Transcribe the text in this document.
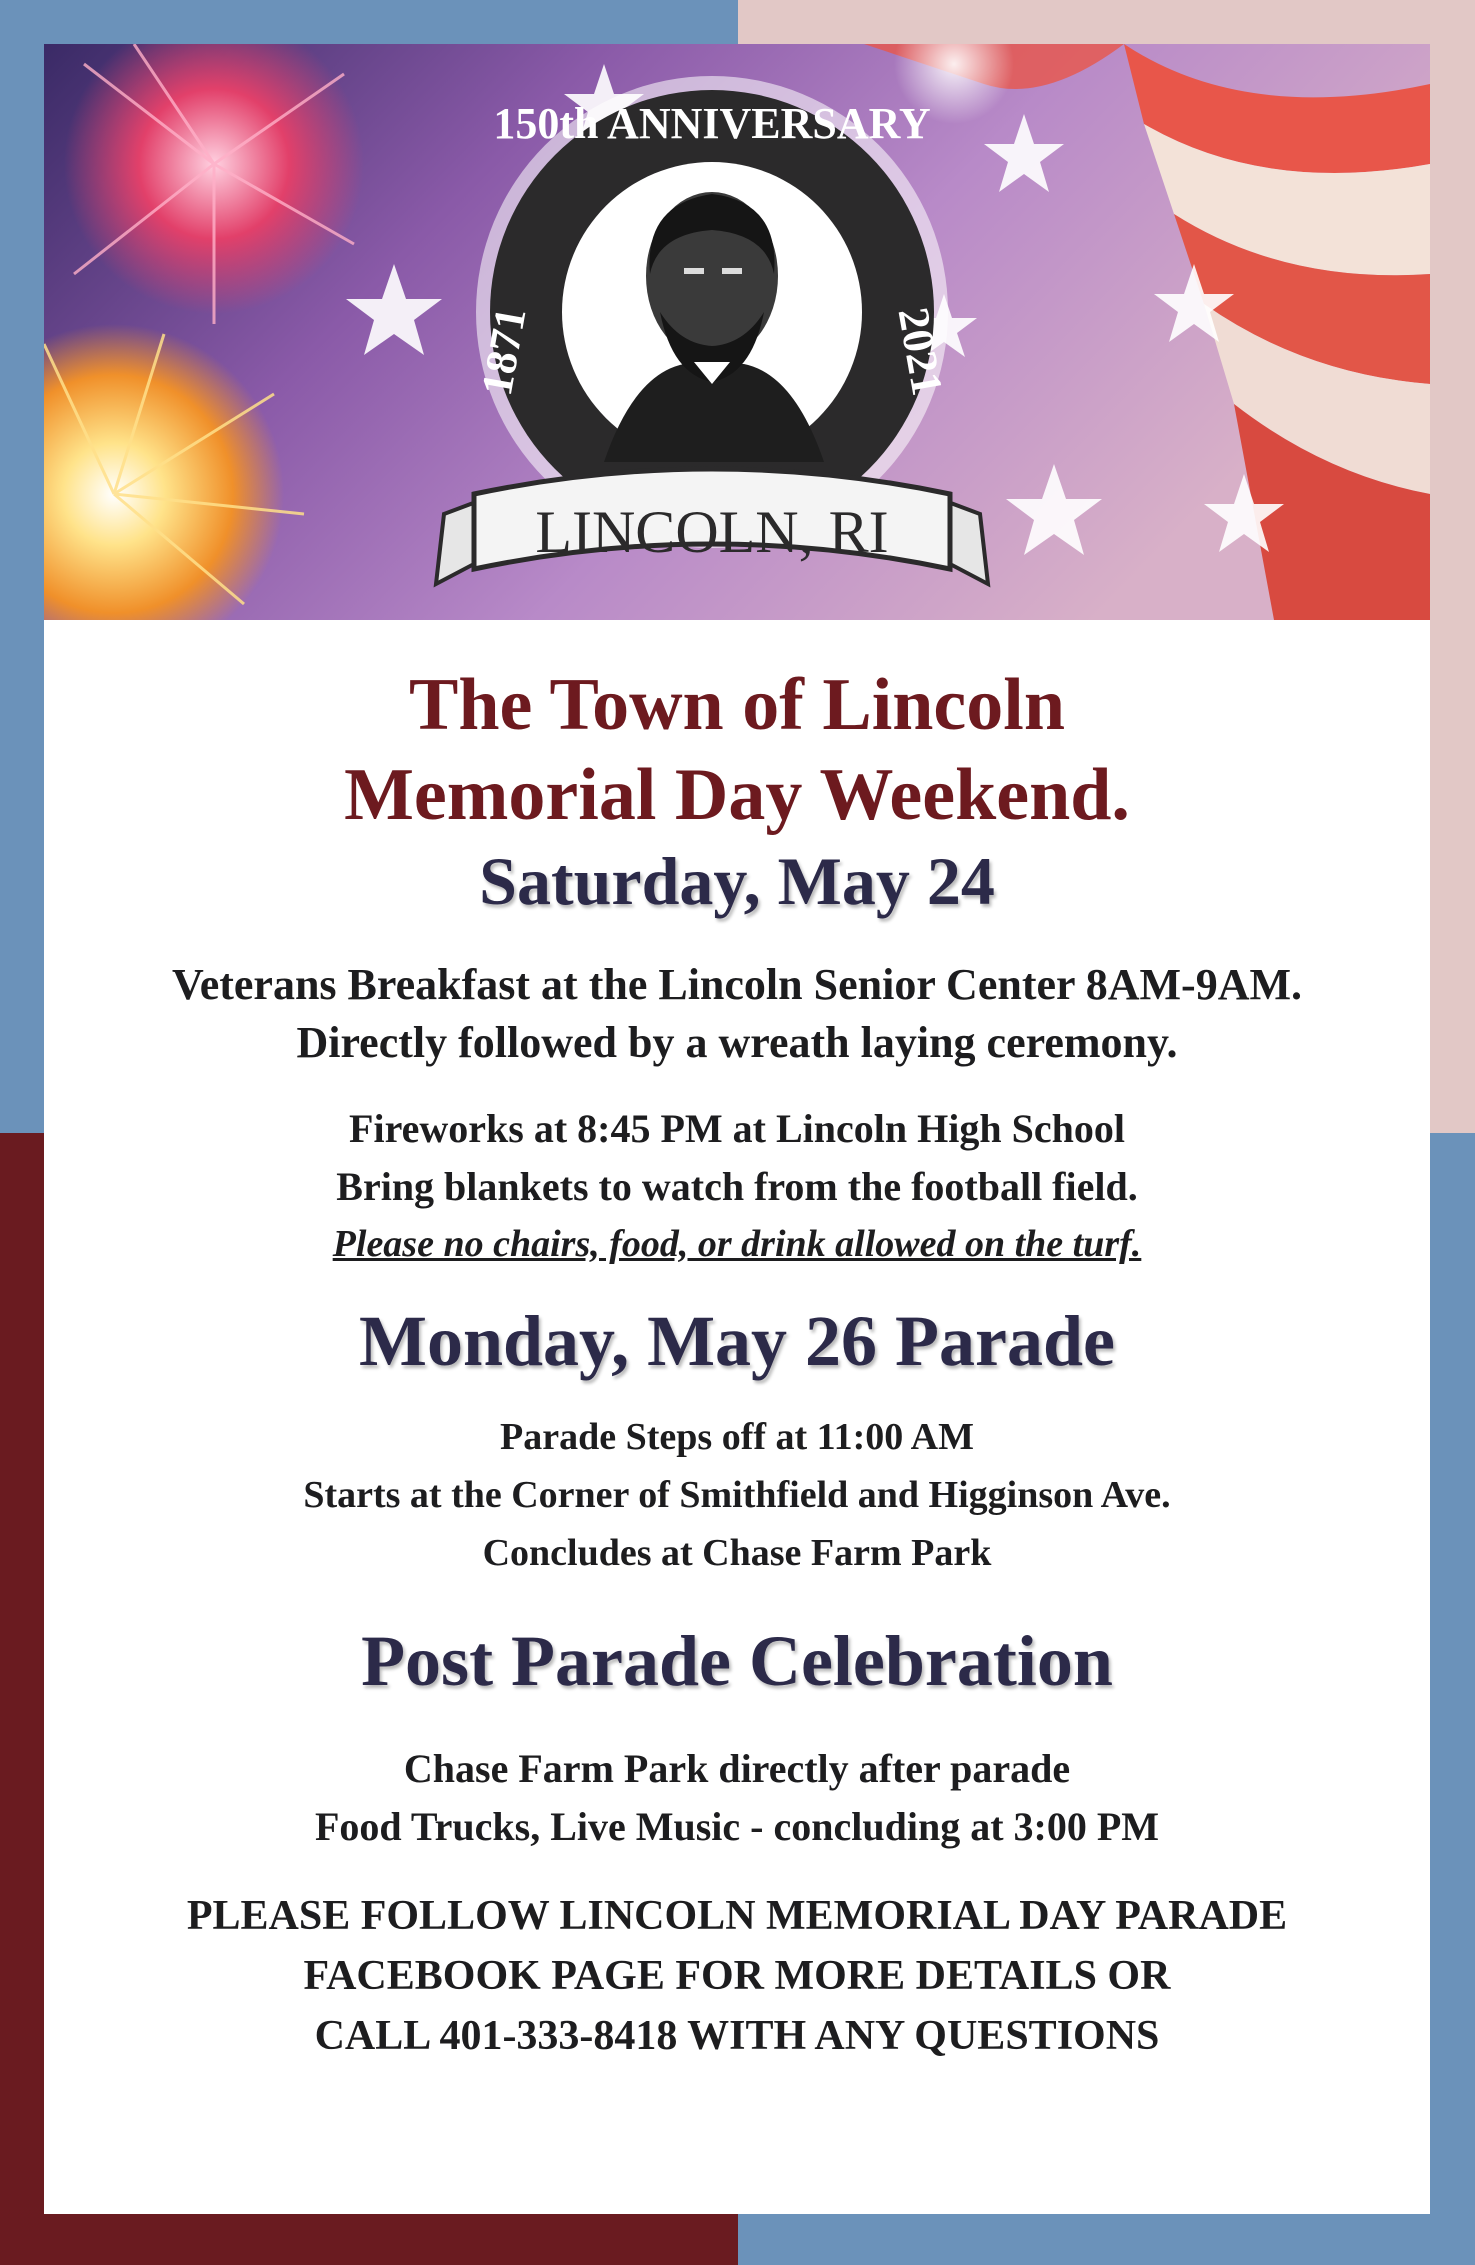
150th ANNIVERSARY
1871	2021
LINCOLN, RI

The Town of Lincoln

Memorial Day Weekend.

Saturday, May 24

Veterans Breakfast at the Lincoln Senior Center 8AM-9AM.

Directly followed by a wreath laying ceremony.

Fireworks at 8:45 PM at Lincoln High School

Bring blankets to watch from the football field.

Please no chairs, food, or drink allowed on the turf.

Monday, May 26 Parade

Parade Steps off at 11:00 AM

Starts at the Corner of Smithfield and Higginson Ave.

Concludes at Chase Farm Park

Post Parade Celebration

Chase Farm Park directly after parade

Food Trucks, Live Music - concluding at 3:00 PM

PLEASE FOLLOW LINCOLN MEMORIAL DAY PARADE

FACEBOOK PAGE FOR MORE DETAILS OR

CALL 401-333-8418 WITH ANY QUESTIONS
